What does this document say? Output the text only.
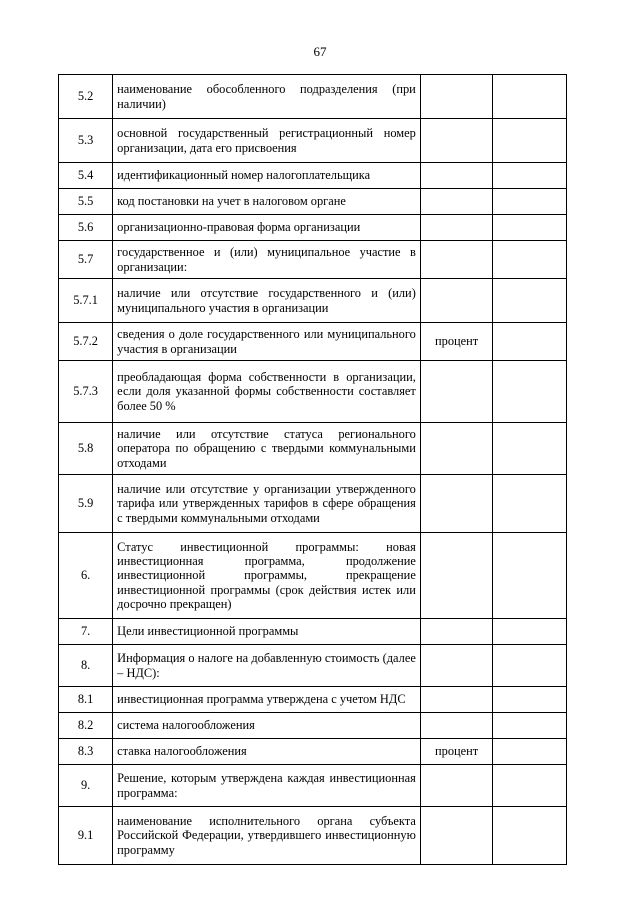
67
5.2	наименование обособленного подразделения (при наличии)		
5.3	основной государственный регистрационный номер организации, дата его присвоения		
5.4	идентификационный номер налогоплательщика		
5.5	код постановки на учет в налоговом органе		
5.6	организационно-правовая форма организации		
5.7	государственное и (или) муниципальное участие в организации:		
5.7.1	наличие или отсутствие государственного и (или) муниципального участия в организации		
5.7.2	сведения о доле государственного или муниципального участия в организации	процент	
5.7.3	преобладающая форма собственности в организации, если доля указанной формы собственности составляет более 50 %		
5.8	наличие или отсутствие статуса регионального оператора по обращению с твердыми коммунальными отходами		
5.9	наличие или отсутствие у организации утвержденного тарифа или утвержденных тарифов в сфере обращения с твердыми коммунальными отходами		
6.	Статус инвестиционной программы: новая инвестиционная программа, продолжение инвестиционной программы, прекращение инвестиционной программы (срок действия истек или досрочно прекращен)		
7.	Цели инвестиционной программы		
8.	Информация о налоге на добавленную стоимость (далее – НДС):		
8.1	инвестиционная программа утверждена с учетом НДС		
8.2	система налогообложения		
8.3	ставка налогообложения	процент	
9.	Решение, которым утверждена каждая инвестиционная программа:		
9.1	наименование исполнительного органа субъекта Российской Федерации, утвердившего инвестиционную программу		
